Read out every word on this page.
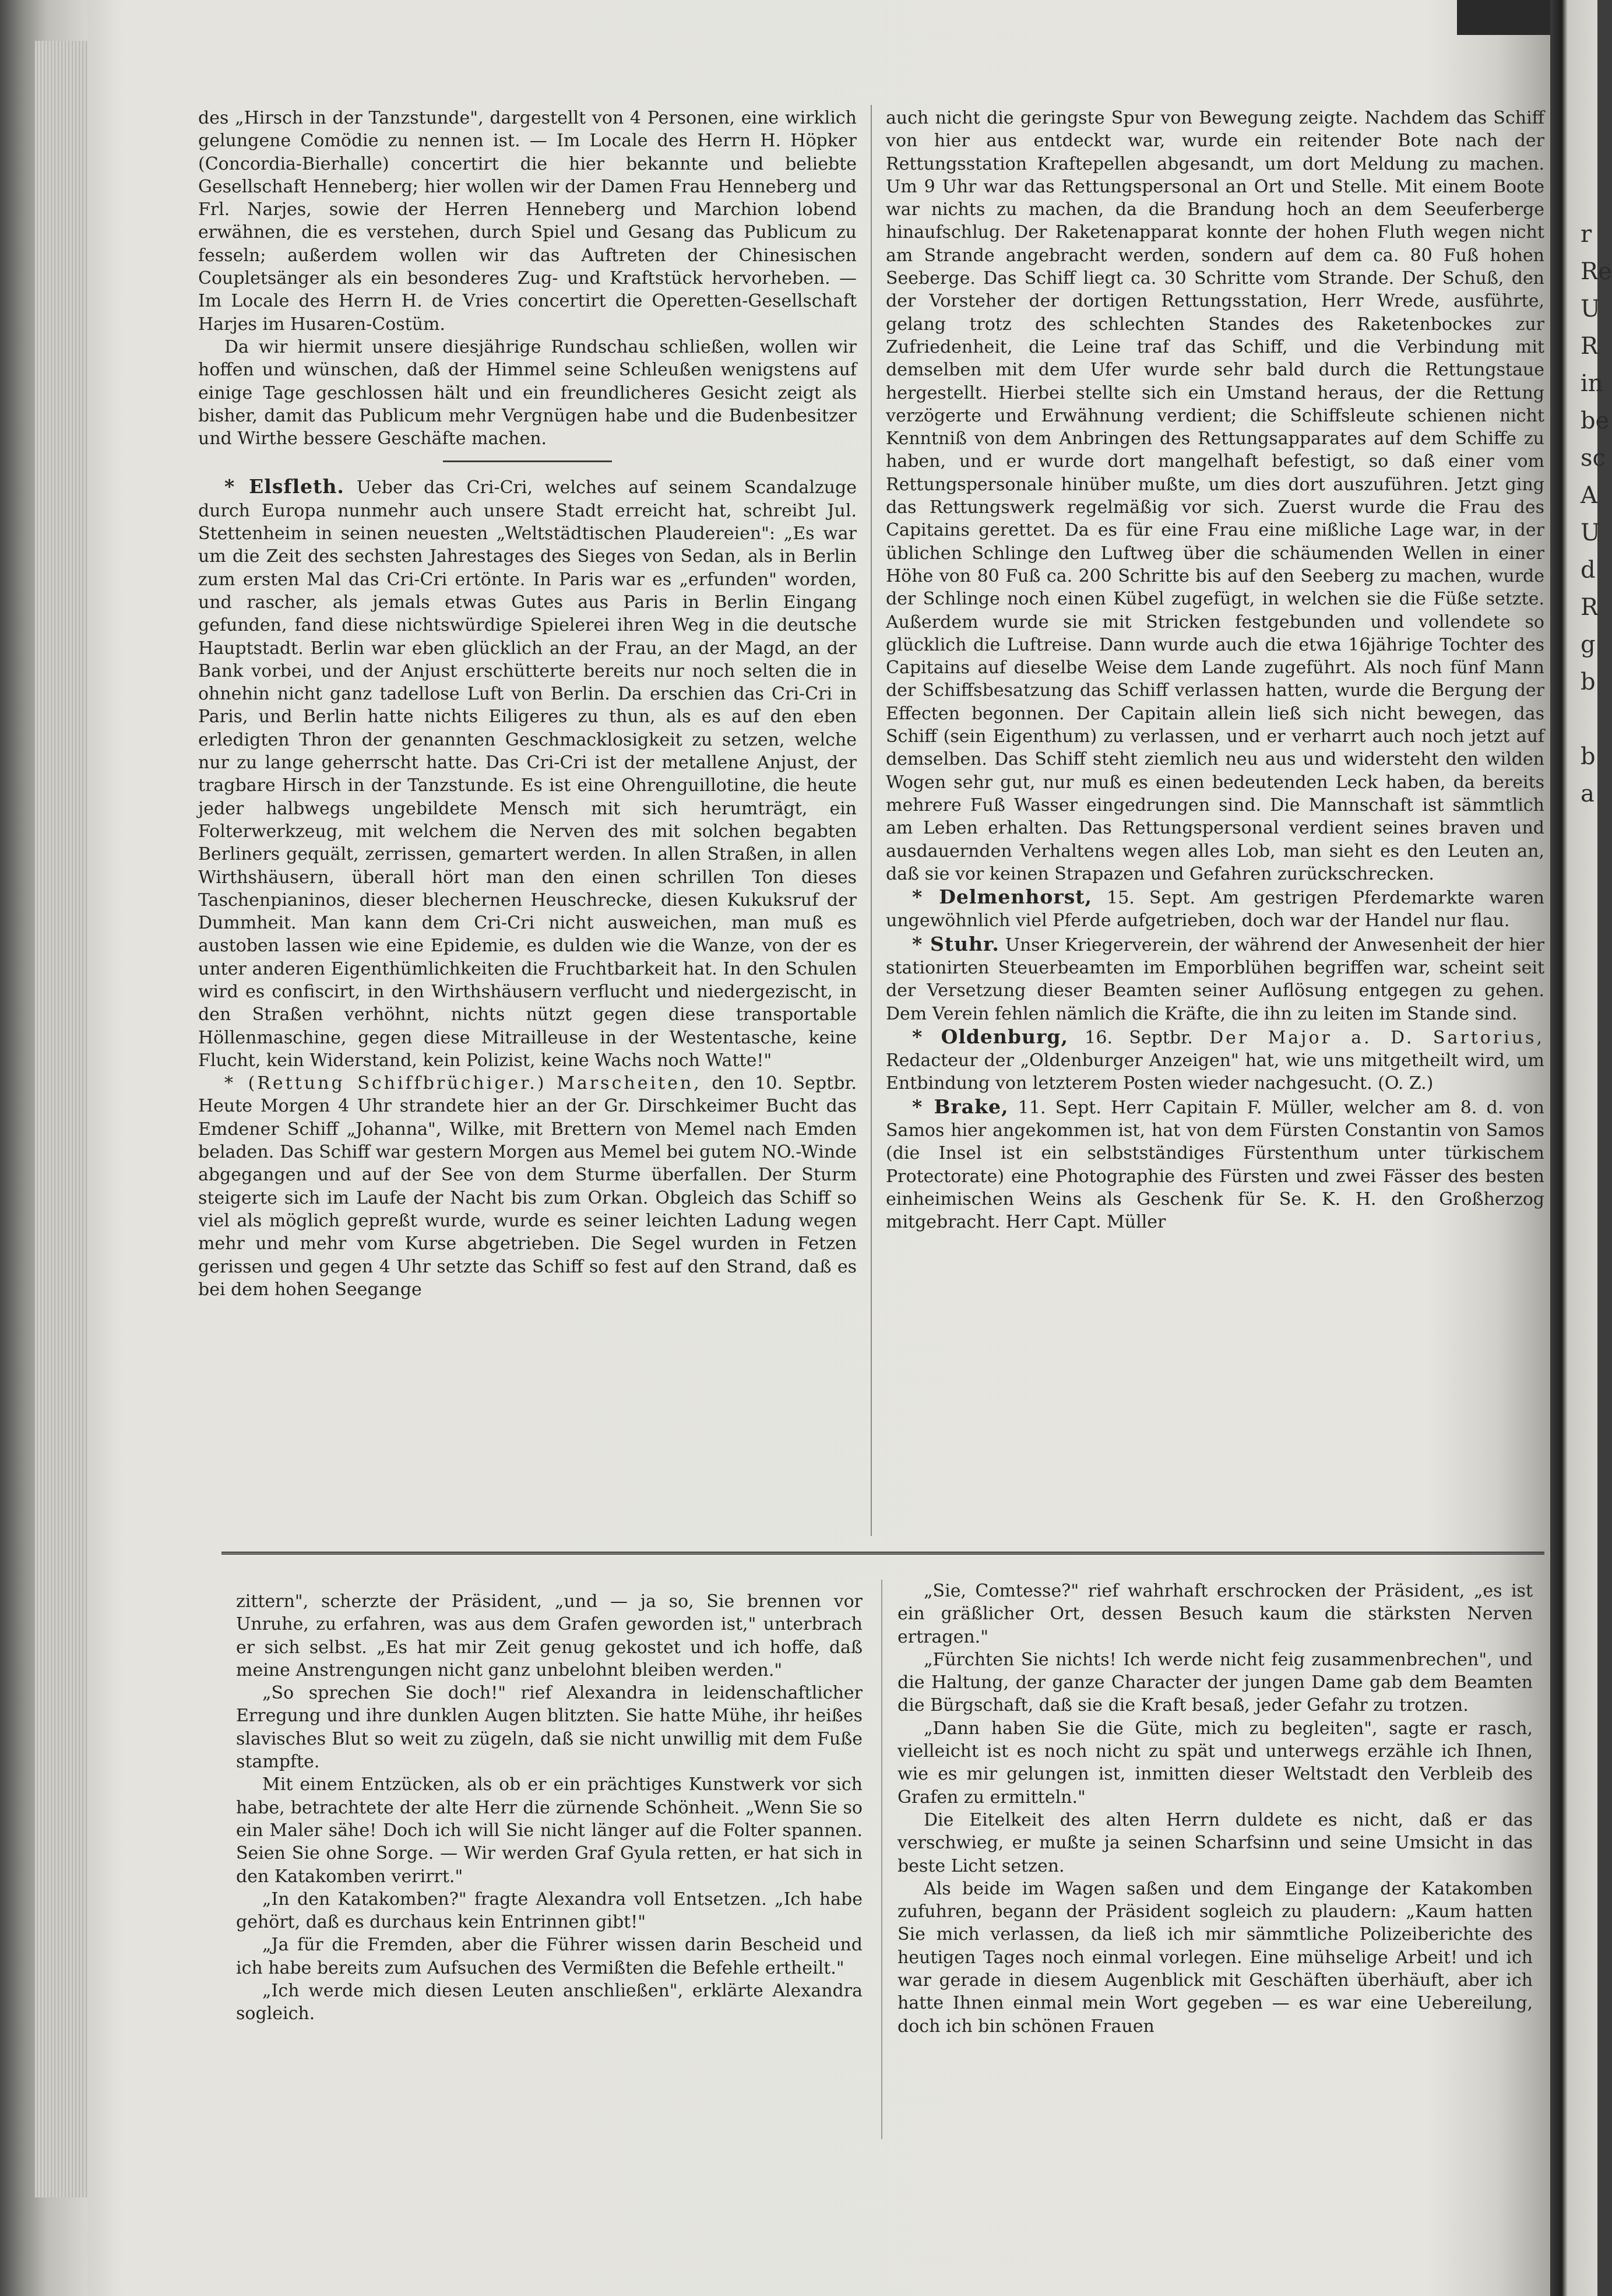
r
Re
U
R
in
be
sc
A
U
d
R
g
b

b
a

des „Hirsch in der Tanzstunde", dargestellt von 4 Personen, eine wirklich gelungene Comödie zu nennen ist. — Im Locale des Herrn H. Höpker (Concordia-Bierhalle) concertirt die hier bekannte und beliebte Gesellschaft Henneberg; hier wollen wir der Damen Frau Henneberg und Frl. Narjes, sowie der Herren Henneberg und Marchion lobend erwähnen, die es verstehen, durch Spiel und Gesang das Publicum zu fesseln; außerdem wollen wir das Auftreten der Chinesischen Coupletsänger als ein besonderes Zug- und Kraftstück hervorheben. — Im Locale des Herrn H. de Vries concertirt die Operetten-Gesellschaft Harjes im Husaren-Costüm.

Da wir hiermit unsere diesjährige Rundschau schließen, wollen wir hoffen und wünschen, daß der Himmel seine Schleußen wenigstens auf einige Tage geschlossen hält und ein freundlicheres Gesicht zeigt als bisher, damit das Publicum mehr Vergnügen habe und die Budenbesitzer und Wirthe bessere Geschäfte machen.

* Elsfleth. Ueber das Cri-Cri, welches auf seinem Scandalzuge durch Europa nunmehr auch unsere Stadt erreicht hat, schreibt Jul. Stettenheim in seinen neuesten „Weltstädtischen Plaudereien": „Es war um die Zeit des sechsten Jahrestages des Sieges von Sedan, als in Berlin zum ersten Mal das Cri-Cri ertönte. In Paris war es „erfunden" worden, und rascher, als jemals etwas Gutes aus Paris in Berlin Eingang gefunden, fand diese nichtswürdige Spielerei ihren Weg in die deutsche Hauptstadt. Berlin war eben glücklich an der Frau, an der Magd, an der Bank vorbei, und der Anjust erschütterte bereits nur noch selten die in ohnehin nicht ganz tadellose Luft von Berlin. Da erschien das Cri-Cri in Paris, und Berlin hatte nichts Eiligeres zu thun, als es auf den eben erledigten Thron der genannten Geschmacklosigkeit zu setzen, welche nur zu lange geherrscht hatte. Das Cri-Cri ist der metallene Anjust, der tragbare Hirsch in der Tanzstunde. Es ist eine Ohrenguillotine, die heute jeder halbwegs ungebildete Mensch mit sich herumträgt, ein Folterwerkzeug, mit welchem die Nerven des mit solchen begabten Berliners gequält, zerrissen, gemartert werden. In allen Straßen, in allen Wirthshäusern, überall hört man den einen schrillen Ton dieses Taschenpianinos, dieser blechernen Heuschrecke, diesen Kukuksruf der Dummheit. Man kann dem Cri-Cri nicht ausweichen, man muß es austoben lassen wie eine Epidemie, es dulden wie die Wanze, von der es unter anderen Eigenthümlichkeiten die Fruchtbarkeit hat. In den Schulen wird es confiscirt, in den Wirthshäusern verflucht und niedergezischt, in den Straßen verhöhnt, nichts nützt gegen diese transportable Höllenmaschine, gegen diese Mitrailleuse in der Westentasche, keine Flucht, kein Widerstand, kein Polizist, keine Wachs noch Watte!"

* (Rettung Schiffbrüchiger.) Marscheiten, den 10. Septbr. Heute Morgen 4 Uhr strandete hier an der Gr. Dirschkeimer Bucht das Emdener Schiff „Johanna", Wilke, mit Brettern von Memel nach Emden beladen. Das Schiff war gestern Morgen aus Memel bei gutem NO.-Winde abgegangen und auf der See von dem Sturme überfallen. Der Sturm steigerte sich im Laufe der Nacht bis zum Orkan. Obgleich das Schiff so viel als möglich gepreßt wurde, wurde es seiner leichten Ladung wegen mehr und mehr vom Kurse abgetrieben. Die Segel wurden in Fetzen gerissen und gegen 4 Uhr setzte das Schiff so fest auf den Strand, daß es bei dem hohen Seegange

auch nicht die geringste Spur von Bewegung zeigte. Nachdem das Schiff von hier aus entdeckt war, wurde ein reitender Bote nach der Rettungsstation Kraftepellen abgesandt, um dort Meldung zu machen. Um 9 Uhr war das Rettungspersonal an Ort und Stelle. Mit einem Boote war nichts zu machen, da die Brandung hoch an dem Seeuferberge hinaufschlug. Der Raketenapparat konnte der hohen Fluth wegen nicht am Strande angebracht werden, sondern auf dem ca. 80 Fuß hohen Seeberge. Das Schiff liegt ca. 30 Schritte vom Strande. Der Schuß, den der Vorsteher der dortigen Rettungsstation, Herr Wrede, ausführte, gelang trotz des schlechten Standes des Raketenbockes zur Zufriedenheit, die Leine traf das Schiff, und die Verbindung mit demselben mit dem Ufer wurde sehr bald durch die Rettungstaue hergestellt. Hierbei stellte sich ein Umstand heraus, der die Rettung verzögerte und Erwähnung verdient; die Schiffsleute schienen nicht Kenntniß von dem Anbringen des Rettungsapparates auf dem Schiffe zu haben, und er wurde dort mangelhaft befestigt, so daß einer vom Rettungspersonale hinüber mußte, um dies dort auszuführen. Jetzt ging das Rettungswerk regelmäßig vor sich. Zuerst wurde die Frau des Capitains gerettet. Da es für eine Frau eine mißliche Lage war, in der üblichen Schlinge den Luftweg über die schäumenden Wellen in einer Höhe von 80 Fuß ca. 200 Schritte bis auf den Seeberg zu machen, wurde der Schlinge noch einen Kübel zugefügt, in welchen sie die Füße setzte. Außerdem wurde sie mit Stricken festgebunden und vollendete so glücklich die Luftreise. Dann wurde auch die etwa 16jährige Tochter des Capitains auf dieselbe Weise dem Lande zugeführt. Als noch fünf Mann der Schiffsbesatzung das Schiff verlassen hatten, wurde die Bergung der Effecten begonnen. Der Capitain allein ließ sich nicht bewegen, das Schiff (sein Eigenthum) zu verlassen, und er verharrt auch noch jetzt auf demselben. Das Schiff steht ziemlich neu aus und widersteht den wilden Wogen sehr gut, nur muß es einen bedeutenden Leck haben, da bereits mehrere Fuß Wasser eingedrungen sind. Die Mannschaft ist sämmtlich am Leben erhalten. Das Rettungspersonal verdient seines braven und ausdauernden Verhaltens wegen alles Lob, man sieht es den Leuten an, daß sie vor keinen Strapazen und Gefahren zurückschrecken.

* Delmenhorst, 15. Sept. Am gestrigen Pferdemarkte waren ungewöhnlich viel Pferde aufgetrieben, doch war der Handel nur flau.

* Stuhr. Unser Kriegerverein, der während der Anwesenheit der hier stationirten Steuerbeamten im Emporblühen begriffen war, scheint seit der Versetzung dieser Beamten seiner Auflösung entgegen zu gehen. Dem Verein fehlen nämlich die Kräfte, die ihn zu leiten im Stande sind.

* Oldenburg, 16. Septbr. Der Major a. D. Sartorius, Redacteur der „Oldenburger Anzeigen" hat, wie uns mitgetheilt wird, um Entbindung von letzterem Posten wieder nachgesucht. (O. Z.)

* Brake, 11. Sept. Herr Capitain F. Müller, welcher am 8. d. von Samos hier angekommen ist, hat von dem Fürsten Constantin von Samos (die Insel ist ein selbstständiges Fürstenthum unter türkischem Protectorate) eine Photographie des Fürsten und zwei Fässer des besten einheimischen Weins als Geschenk für Se. K. H. den Großherzog mitgebracht. Herr Capt. Müller

zittern", scherzte der Präsident, „und — ja so, Sie brennen vor Unruhe, zu erfahren, was aus dem Grafen geworden ist," unterbrach er sich selbst. „Es hat mir Zeit genug gekostet und ich hoffe, daß meine Anstrengungen nicht ganz unbelohnt bleiben werden."

„So sprechen Sie doch!" rief Alexandra in leidenschaftlicher Erregung und ihre dunklen Augen blitzten. Sie hatte Mühe, ihr heißes slavisches Blut so weit zu zügeln, daß sie nicht unwillig mit dem Fuße stampfte.

Mit einem Entzücken, als ob er ein prächtiges Kunstwerk vor sich habe, betrachtete der alte Herr die zürnende Schönheit. „Wenn Sie so ein Maler sähe! Doch ich will Sie nicht länger auf die Folter spannen. Seien Sie ohne Sorge. — Wir werden Graf Gyula retten, er hat sich in den Katakomben verirrt."

„In den Katakomben?" fragte Alexandra voll Entsetzen. „Ich habe gehört, daß es durchaus kein Entrinnen gibt!"

„Ja für die Fremden, aber die Führer wissen darin Bescheid und ich habe bereits zum Aufsuchen des Vermißten die Befehle ertheilt."

„Ich werde mich diesen Leuten anschließen", erklärte Alexandra sogleich.

„Sie, Comtesse?" rief wahrhaft erschrocken der Präsident, „es ist ein gräßlicher Ort, dessen Besuch kaum die stärksten Nerven ertragen."

„Fürchten Sie nichts! Ich werde nicht feig zusammenbrechen", und die Haltung, der ganze Character der jungen Dame gab dem Beamten die Bürgschaft, daß sie die Kraft besaß, jeder Gefahr zu trotzen.

„Dann haben Sie die Güte, mich zu begleiten", sagte er rasch, vielleicht ist es noch nicht zu spät und unterwegs erzähle ich Ihnen, wie es mir gelungen ist, inmitten dieser Weltstadt den Verbleib des Grafen zu ermitteln."

Die Eitelkeit des alten Herrn duldete es nicht, daß er das verschwieg, er mußte ja seinen Scharfsinn und seine Umsicht in das beste Licht setzen.

Als beide im Wagen saßen und dem Eingange der Katakomben zufuhren, begann der Präsident sogleich zu plaudern: „Kaum hatten Sie mich verlassen, da ließ ich mir sämmtliche Polizeiberichte des heutigen Tages noch einmal vorlegen. Eine mühselige Arbeit! und ich war gerade in diesem Augenblick mit Geschäften überhäuft, aber ich hatte Ihnen einmal mein Wort gegeben — es war eine Uebereilung, doch ich bin schönen Frauen
